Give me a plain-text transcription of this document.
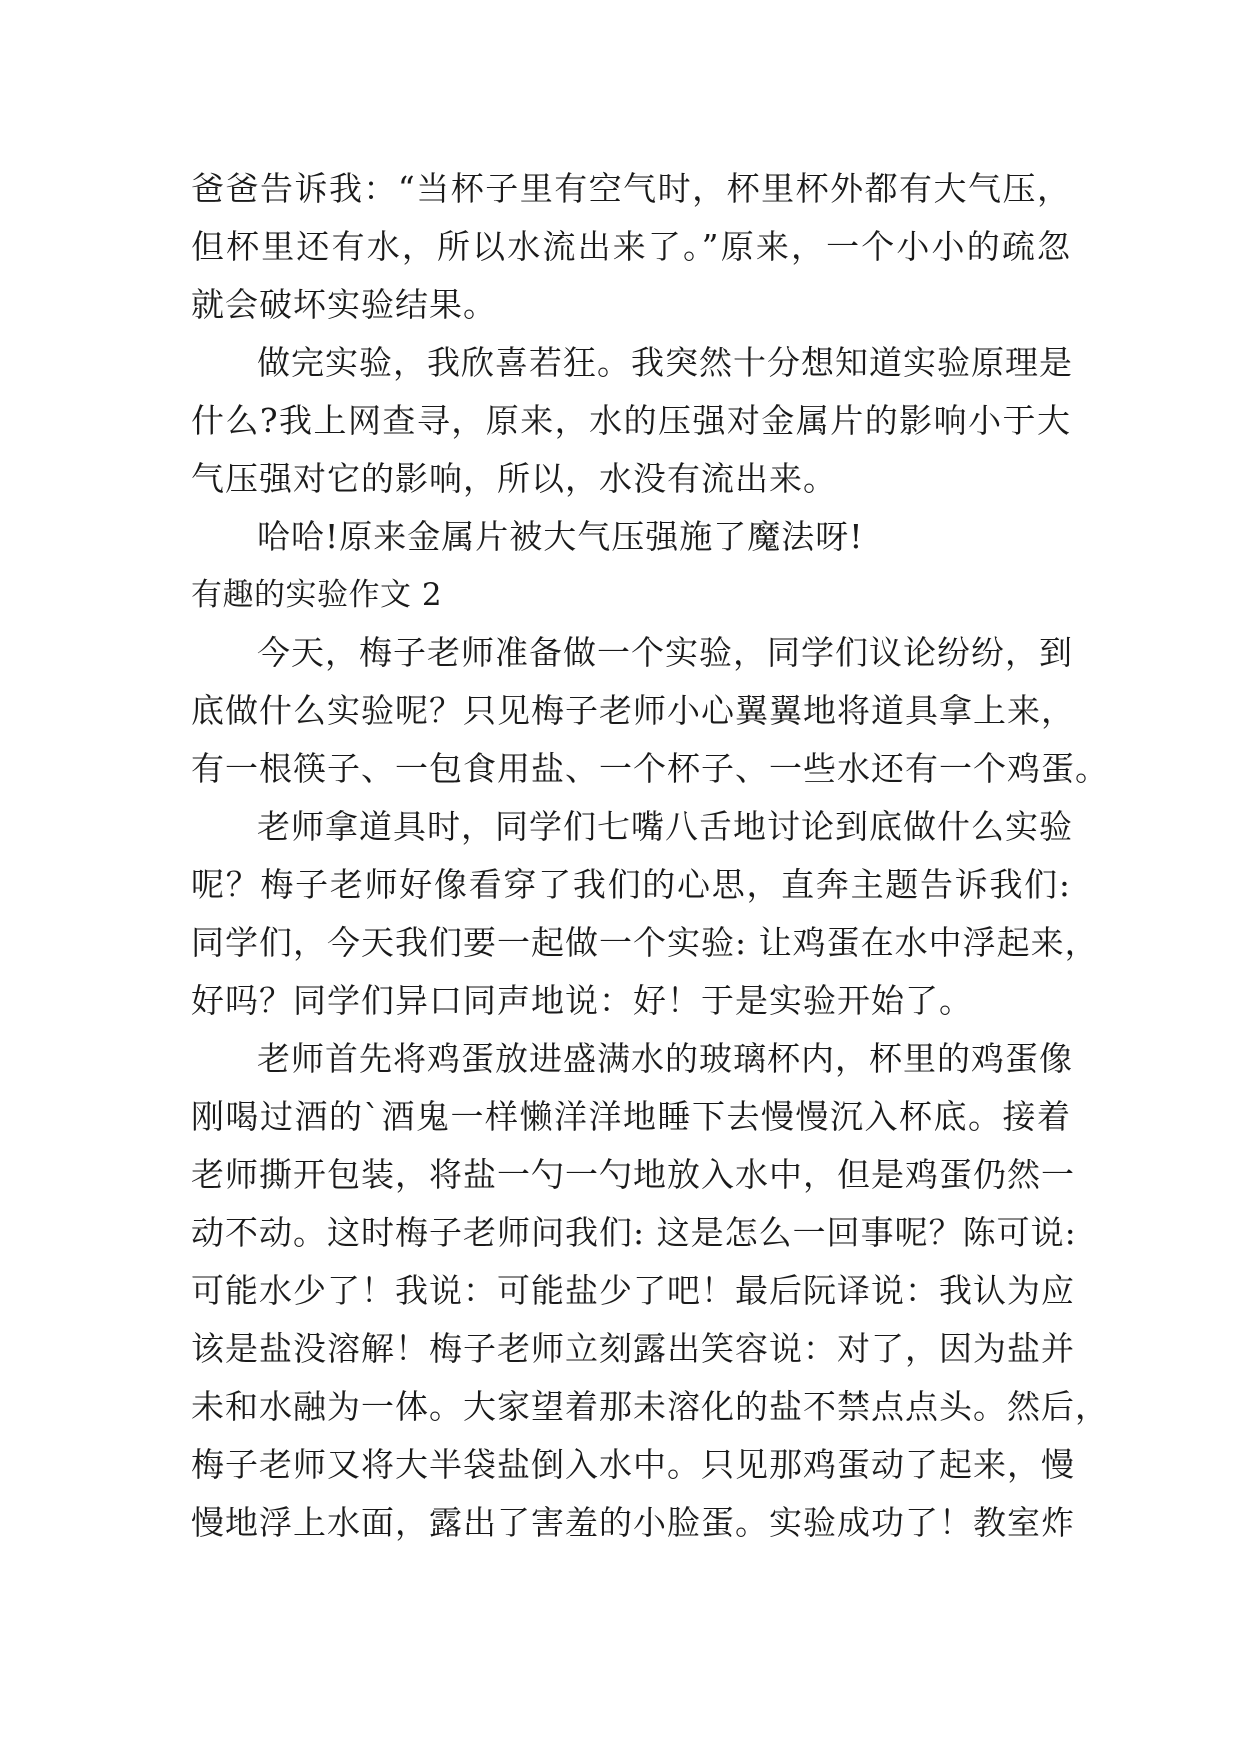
爸爸告诉我：“当杯子里有空气时，杯里杯外都有大气压，
但杯里还有水，所以水流出来了。”原来，一个小小的疏忽
就会破坏实验结果。
做完实验，我欣喜若狂。我突然十分想知道实验原理是
什么?我上网查寻，原来，水的压强对金属片的影响小于大
气压强对它的影响，所以，水没有流出来。
哈哈!原来金属片被大气压强施了魔法呀!
有趣的实验作文 2
今天，梅子老师准备做一个实验，同学们议论纷纷，到
底做什么实验呢？只见梅子老师小心翼翼地将道具拿上来，
有一根筷子、一包食用盐、一个杯子、一些水还有一个鸡蛋。
老师拿道具时，同学们七嘴八舌地讨论到底做什么实验
呢？梅子老师好像看穿了我们的心思，直奔主题告诉我们:
同学们，今天我们要一起做一个实验: 让鸡蛋在水中浮起来，
好吗？同学们异口同声地说：好！于是实验开始了。
老师首先将鸡蛋放进盛满水的玻璃杯内，杯里的鸡蛋像
刚喝过酒的`酒鬼一样懒洋洋地睡下去慢慢沉入杯底。接着
老师撕开包装，将盐一勺一勺地放入水中，但是鸡蛋仍然一
动不动。这时梅子老师问我们: 这是怎么一回事呢？陈可说:
可能水少了！我说：可能盐少了吧！最后阮译说：我认为应
该是盐没溶解！梅子老师立刻露出笑容说：对了，因为盐并
未和水融为一体。大家望着那未溶化的盐不禁点点头。然后，
梅子老师又将大半袋盐倒入水中。只见那鸡蛋动了起来，慢
慢地浮上水面，露出了害羞的小脸蛋。实验成功了！教室炸
